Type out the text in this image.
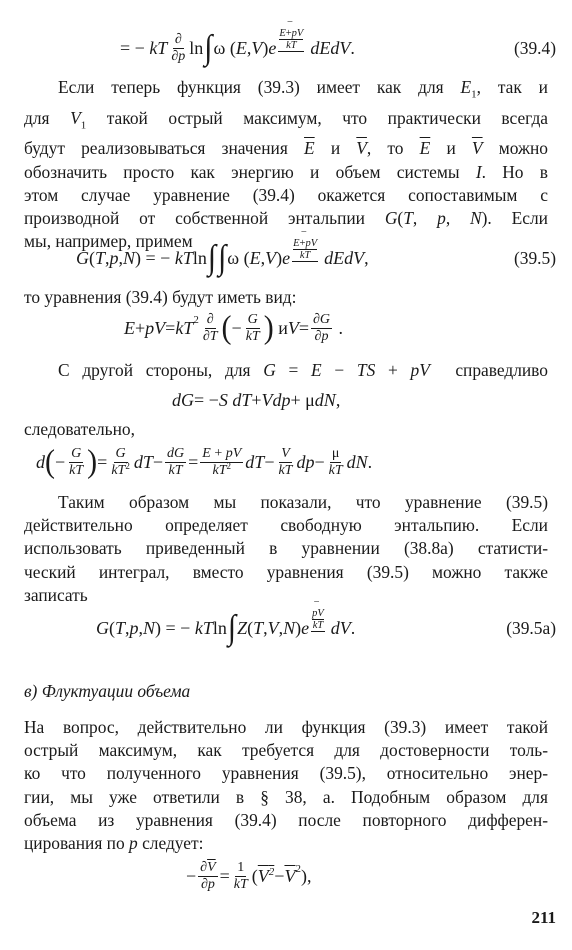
= − kT $\frac{\partial}{\partial p}$ ln ∫ ω ( E , V ) e
−
E+pV
kT dEdV .	(39.4)
Если теперь функция (39.3) имеет как для $E_1$, так и
для $V_1$ такой острый максимум, что практически всегда
будут реализовываться значения $\overline{E}$ и $\overline{V}$, то $\overline{E}$ и $\overline{V}$ можно
обозначить просто как энергию и объем системы I. Но в
этом случае уравнение (39.4) окажется сопоставимым с
производной от собственной энтальпии G(T, p, N). Если
мы, например, примем
G ( T , p , N ) = − kT ln ∫ ∫ ω ( E , V ) e
−
E+pV
kT dEdV ,	(39.5)
то уравнения (39.4) будут иметь вид:
E + pV = kT $2 \frac{\partial}{\partial T}$ ( − $\frac{G}{kT}$ ) и $V = \frac{\partial G}{\partial p}$ .
С другой стороны, для G = E − TS + pV  справедливо
dG = − S dT + Vdp + μ dN ,
следовательно,
d ( − $\frac{G}{kT}$ ) = $\frac{G}{kT^2}$ dT − $\frac{dG}{kT} = \frac{E + pV}{kT^2}$ dT − $\frac{V}{kT}$ dp − $\frac{\mu}{kT}$ dN .
Таким образом мы показали, что уравнение (39.5)
действительно определяет свободную энтальпию. Если
использовать приведенный в уравнении (38.8а) статисти-
ческий интеграл, вместо уравнения (39.5) можно также
записать
G ( T , p , N ) = − kT ln ∫ Z ( T , V , N ) e
−
pV
kT dV .	(39.5a)
в) Флуктуации объема
На вопрос, действительно ли функция (39.3) имеет такой
острый максимум, как требуется для достоверности толь-
ко что полученного уравнения (39.5), относительно энер-
гии, мы уже ответили в § 38, а. Подобным образом для
объема из уравнения (39.4) после повторного дифферен-
цирования по p следует:
− $\frac{\partial\overline{V}}{\partial p} = \frac{1}{kT}$ ( $V^2 - \overline{V}$ 2 ),
211
